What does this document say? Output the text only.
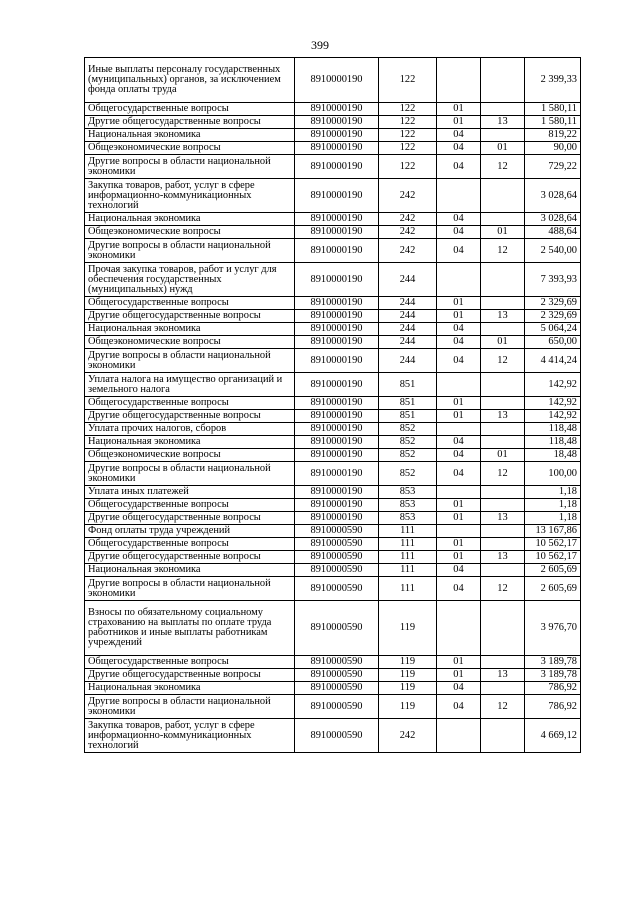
399
Иные выплаты персоналу государственных (муниципальных) органов, за исключением фонда оплаты труда	8910000190	122			2 399,33
Общегосударственные вопросы	8910000190	122	01		1 580,11
Другие общегосударственные вопросы	8910000190	122	01	13	1 580,11
Национальная экономика	8910000190	122	04		819,22
Общеэкономические вопросы	8910000190	122	04	01	90,00
Другие вопросы в области национальной экономики	8910000190	122	04	12	729,22
Закупка товаров, работ, услуг в сфере информационно-коммуникационных технологий	8910000190	242			3 028,64
Национальная экономика	8910000190	242	04		3 028,64
Общеэкономические вопросы	8910000190	242	04	01	488,64
Другие вопросы в области национальной экономики	8910000190	242	04	12	2 540,00
Прочая закупка товаров, работ и услуг для обеспечения государственных (муниципальных) нужд	8910000190	244			7 393,93
Общегосударственные вопросы	8910000190	244	01		2 329,69
Другие общегосударственные вопросы	8910000190	244	01	13	2 329,69
Национальная экономика	8910000190	244	04		5 064,24
Общеэкономические вопросы	8910000190	244	04	01	650,00
Другие вопросы в области национальной экономики	8910000190	244	04	12	4 414,24
Уплата налога на имущество организаций и земельного налога	8910000190	851			142,92
Общегосударственные вопросы	8910000190	851	01		142,92
Другие общегосударственные вопросы	8910000190	851	01	13	142,92
Уплата прочих налогов, сборов	8910000190	852			118,48
Национальная экономика	8910000190	852	04		118,48
Общеэкономические вопросы	8910000190	852	04	01	18,48
Другие вопросы в области национальной экономики	8910000190	852	04	12	100,00
Уплата иных платежей	8910000190	853			1,18
Общегосударственные вопросы	8910000190	853	01		1,18
Другие общегосударственные вопросы	8910000190	853	01	13	1,18
Фонд оплаты труда учреждений	8910000590	111			13 167,86
Общегосударственные вопросы	8910000590	111	01		10 562,17
Другие общегосударственные вопросы	8910000590	111	01	13	10 562,17
Национальная экономика	8910000590	111	04		2 605,69
Другие вопросы в области национальной экономики	8910000590	111	04	12	2 605,69
Взносы по обязательному социальному страхованию на выплаты по оплате труда работников и иные выплаты работникам учреждений	8910000590	119			3 976,70
Общегосударственные вопросы	8910000590	119	01		3 189,78
Другие общегосударственные вопросы	8910000590	119	01	13	3 189,78
Национальная экономика	8910000590	119	04		786,92
Другие вопросы в области национальной экономики	8910000590	119	04	12	786,92
Закупка товаров, работ, услуг в сфере информационно-коммуникационных технологий	8910000590	242			4 669,12
